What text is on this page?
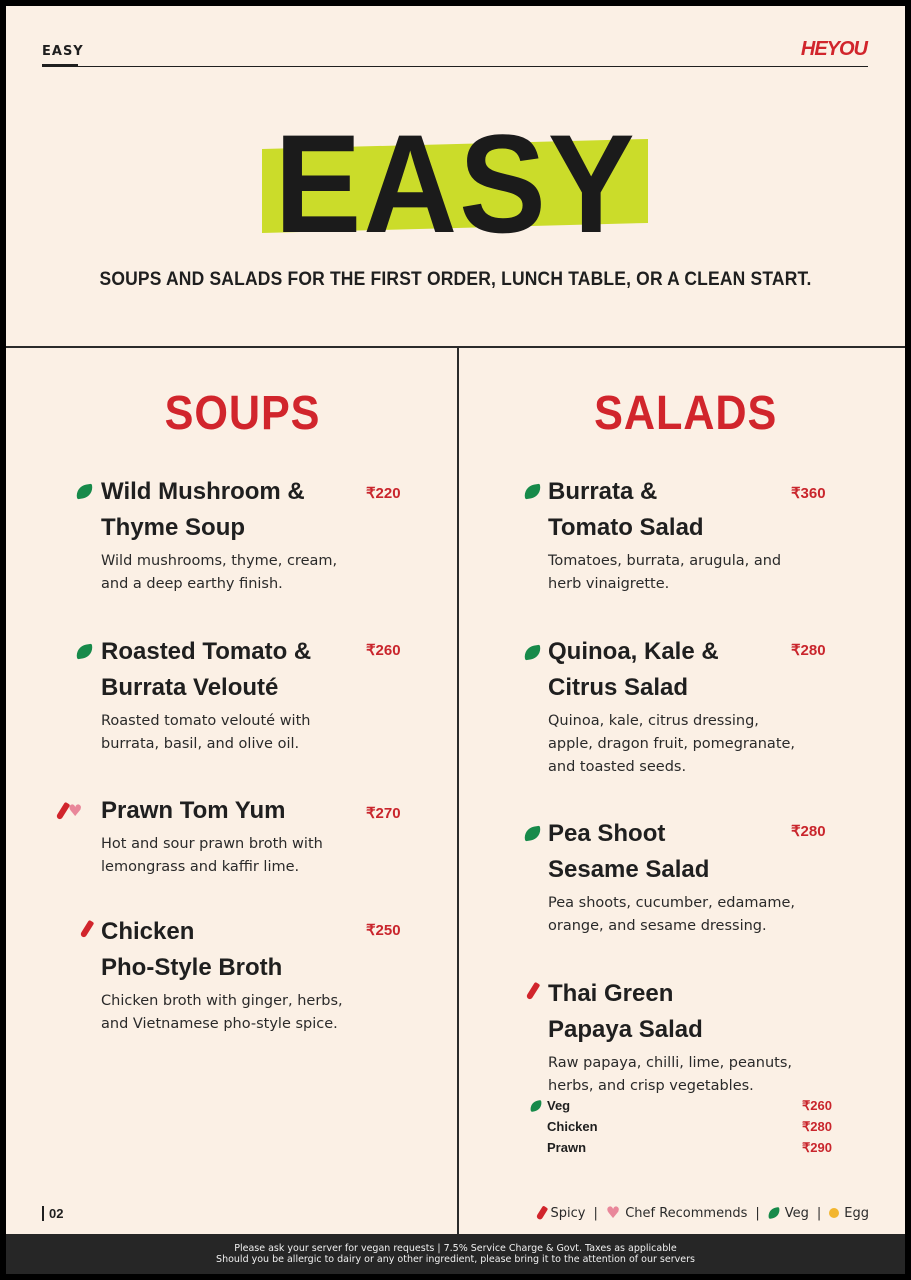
EASY	HEYOU
EASY
SOUPS AND SALADS FOR THE FIRST ORDER, LUNCH TABLE, OR A CLEAN START.
SOUPS
Wild Mushroom &
Thyme Soup
Wild mushrooms, thyme, cream,
and a deep earthy finish.
₹220
Roasted Tomato &
Burrata Velouté
Roasted tomato velouté with
burrata, basil, and olive oil.
₹260
♥ Prawn Tom Yum
Hot and sour prawn broth with
lemongrass and kaffir lime.
₹270
Chicken
Pho-Style Broth
Chicken broth with ginger, herbs,
and Vietnamese pho-style spice.
₹250
SALADS
Burrata &
Tomato Salad
Tomatoes, burrata, arugula, and
herb vinaigrette.
₹360
Quinoa, Kale &
Citrus Salad
Quinoa, kale, citrus dressing,
apple, dragon fruit, pomegranate,
and toasted seeds.
₹280
Pea Shoot
Sesame Salad
Pea shoots, cucumber, edamame,
orange, and sesame dressing.
₹280
Thai Green
Papaya Salad
Raw papaya, chilli, lime, peanuts,
herbs, and crisp vegetables.
Veg	₹260
Chicken	₹280
Prawn	₹290
02	Spicy | ♥ Chef Recommends | Veg | Egg
Please ask your server for vegan requests | 7.5% Service Charge & Govt. Taxes as applicable
Should you be allergic to dairy or any other ingredient, please bring it to the attention of our servers
